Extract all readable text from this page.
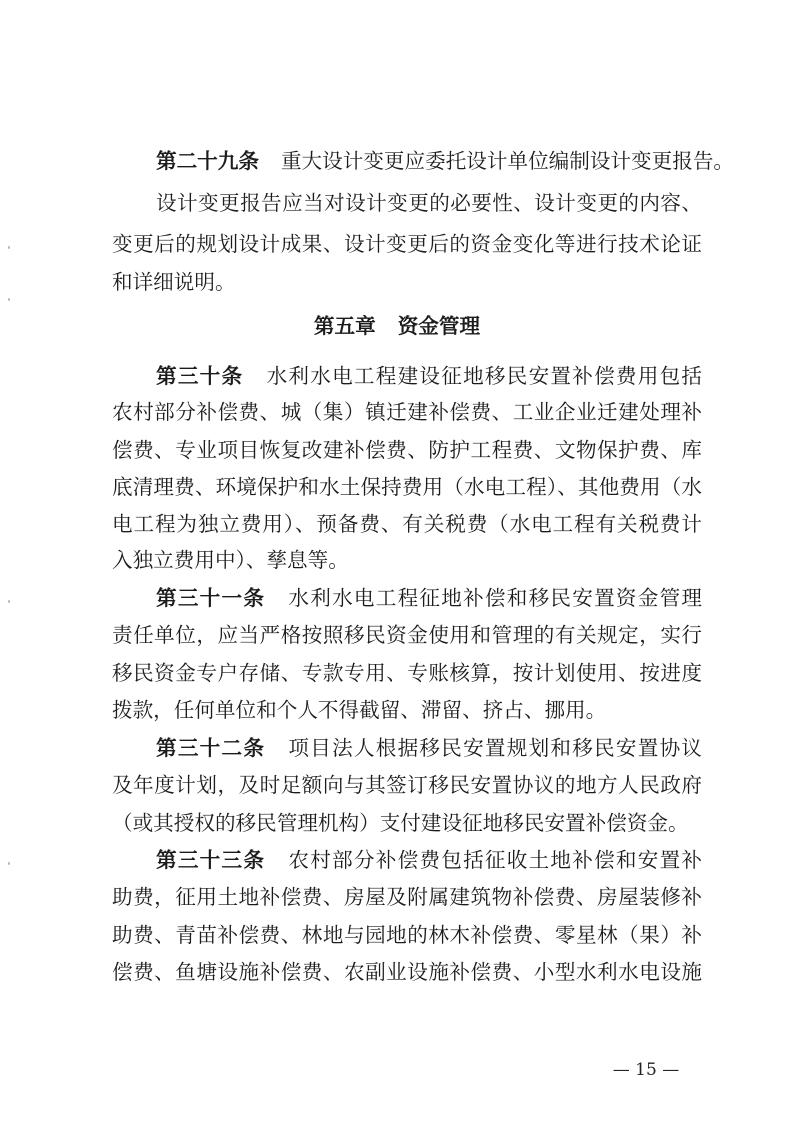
第二十九条 重大设计变更应委托设计单位编制设计变更报告。
设计变更报告应当对设计变更的必要性、设计变更的内容、
变更后的规划设计成果、设计变更后的资金变化等进行技术论证
和详细说明。
第五章 资金管理
第三十条 水利水电工程建设征地移民安置补偿费用包括
农村部分补偿费、城（集）镇迁建补偿费、工业企业迁建处理补
偿费、专业项目恢复改建补偿费、防护工程费、文物保护费、库
底清理费、环境保护和水土保持费用（水电工程）、其他费用（水
电工程为独立费用）、预备费、有关税费（水电工程有关税费计
入独立费用中）、孳息等。
第三十一条 水利水电工程征地补偿和移民安置资金管理
责任单位，应当严格按照移民资金使用和管理的有关规定，实行
移民资金专户存储、专款专用、专账核算，按计划使用、按进度
拨款，任何单位和个人不得截留、滞留、挤占、挪用。
第三十二条 项目法人根据移民安置规划和移民安置协议
及年度计划，及时足额向与其签订移民安置协议的地方人民政府
（或其授权的移民管理机构）支付建设征地移民安置补偿资金。
第三十三条 农村部分补偿费包括征收土地补偿和安置补
助费，征用土地补偿费、房屋及附属建筑物补偿费、房屋装修补
助费、青苗补偿费、林地与园地的林木补偿费、零星林（果）补
偿费、鱼塘设施补偿费、农副业设施补偿费、小型水利水电设施
— 15 —
